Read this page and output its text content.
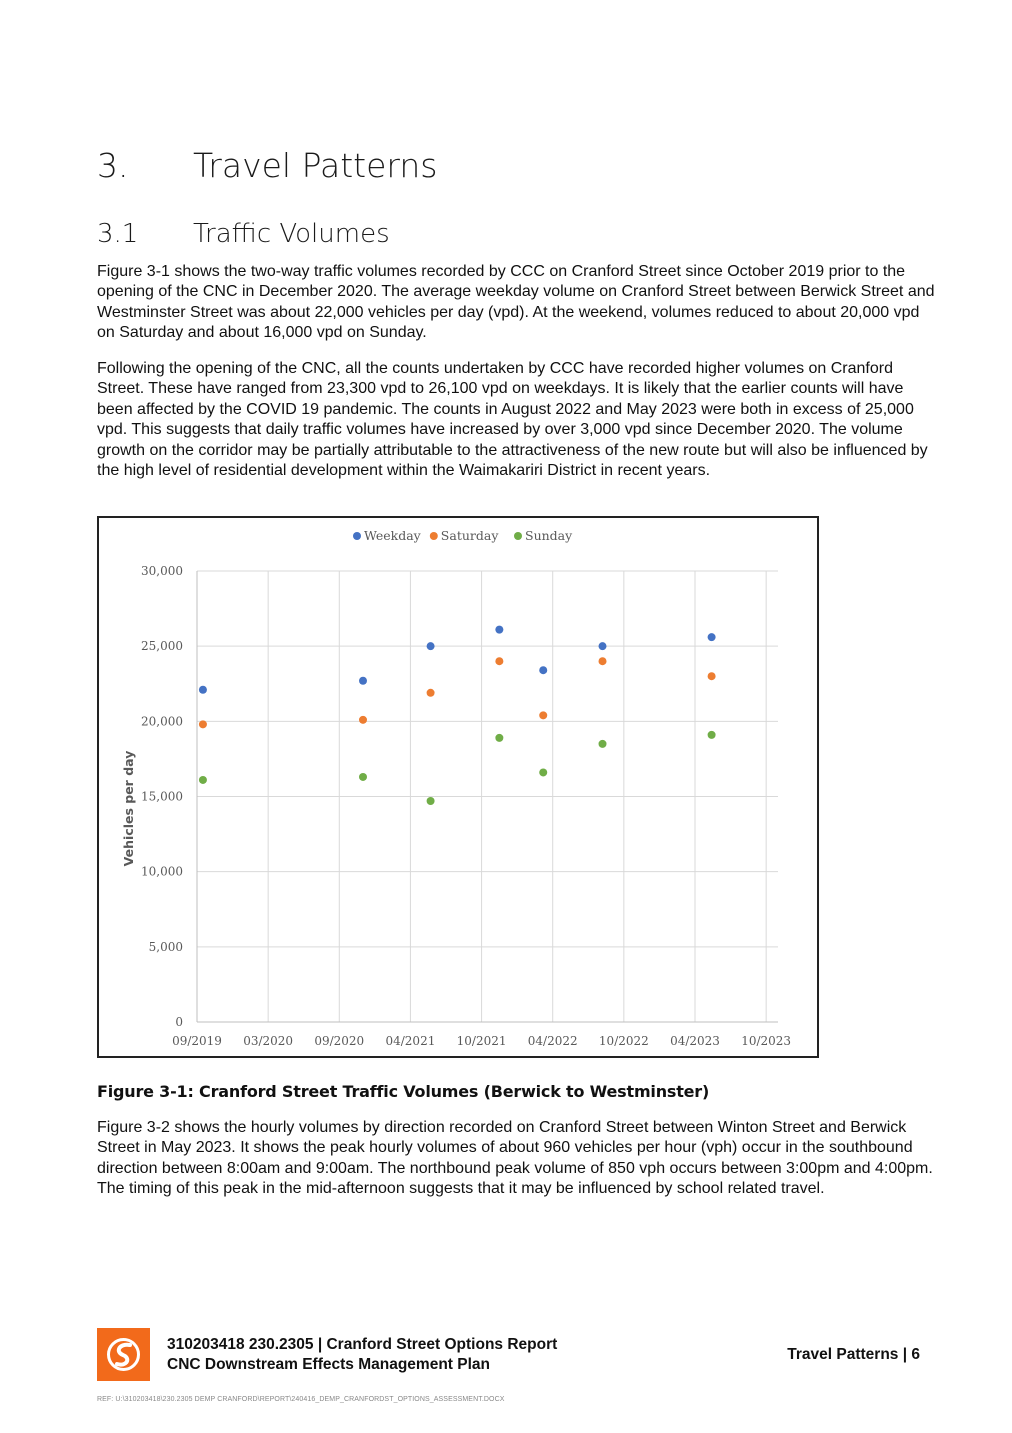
3. Travel Patterns
3.1 Traffic Volumes
Figure 3-1 shows the two-way traffic volumes recorded by CCC on Cranford Street since October 2019 prior to the opening of the CNC in December 2020. The average weekday volume on Cranford Street between Berwick Street and Westminster Street was about 22,000 vehicles per day (vpd). At the weekend, volumes reduced to about 20,000 vpd on Saturday and about 16,000 vpd on Sunday.
Following the opening of the CNC, all the counts undertaken by CCC have recorded higher volumes on Cranford Street. These have ranged from 23,300 vpd to 26,100 vpd on weekdays. It is likely that the earlier counts will have been affected by the COVID 19 pandemic. The counts in August 2022 and May 2023 were both in excess of 25,000 vpd. This suggests that daily traffic volumes have increased by over 3,000 vpd since December 2020. The volume growth on the corridor may be partially attributable to the attractiveness of the new route but will also be influenced by the high level of residential development within the Waimakariri District in recent years.
0
5,000
10,000
15,000
20,000
25,000
30,000
09/2019 03/2020 09/2020 04/2021 10/2021 04/2022 10/2022 04/2023 10/2023
Vehicles per day
Weekday Saturday Sunday
Figure 3-1: Cranford Street Traffic Volumes (Berwick to Westminster)
Figure 3-2 shows the hourly volumes by direction recorded on Cranford Street between Winton Street and Berwick Street in May 2023. It shows the peak hourly volumes of about 960 vehicles per hour (vph) occur in the southbound direction between 8:00am and 9:00am. The northbound peak volume of 850 vph occurs between 3:00pm and 4:00pm. The timing of this peak in the mid-afternoon suggests that it may be influenced by school related travel.
310203418 230.2305 | Cranford Street Options Report
CNC Downstream Effects Management Plan
Travel Patterns | 6
REF: U:\310203418\230.2305 DEMP CRANFORD\REPORT\240416_DEMP_CRANFORDST_OPTIONS_ASSESSMENT.DOCX
